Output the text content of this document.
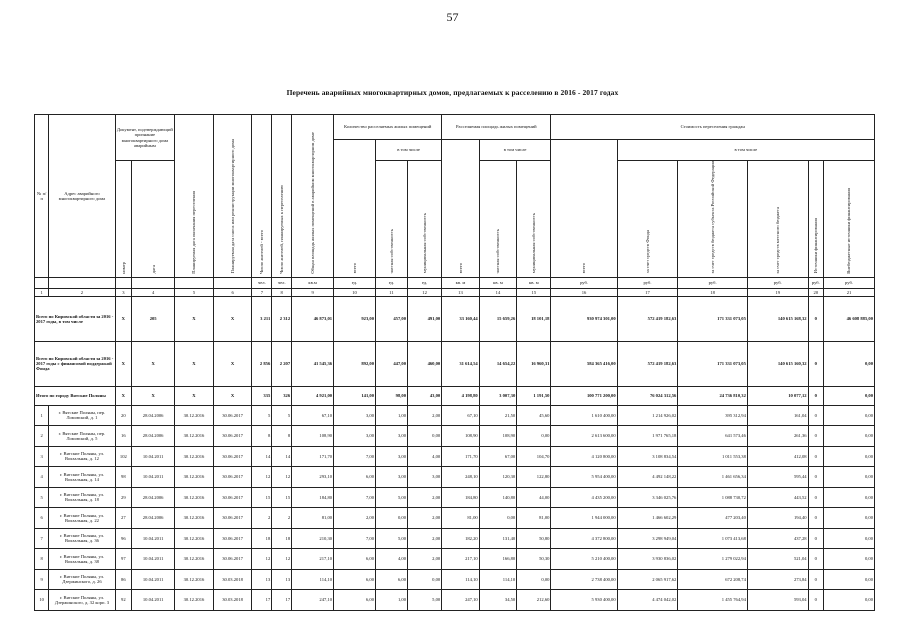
57
Перечень аварийных многоквартирных домов, предлагаемых к расселению в 2016 - 2017 годах
№ п/п	Адрес аварийного многоквартирного дома	Документ, подтверждающий признание многоквартирного дома аварийным		Планируемая дата окончания переселения	Планируемая дата сноса или реконструкции многоквартирного дома	Число жителей - всего	Число жителей, планируемых к переселению	Общая площадь жилых помещений в аварийном многоквартирном доме	Количество расселяемых жилых помещений			Расселяемая площадь жилых помещений			Стоимость переселения граждан					
									всего	в том числе		всего	в том числе		всего	в том числе				
		номер	дата							частная собственность	муниципальная собственность		частная собственность	муниципальная собственность		за счет средств Фонда	за счет средств бюджета субъекта Российской Федерации	за счет средств местного бюджета	Источники финансирования	Внебюджетные источники финансирования
						чел.	чел.	кв.м	ед.	ед.	ед.	кв. м	кв. м	кв. м	руб.	руб.	руб.	руб.	руб.	руб.
1	2	3	4	5	6	7	8	9	10	11	12	13	14	15	16	17	18	19	20	21
Всего по Кировской области за 2016 - 2017 годы, в том числе		Х	205	Х	Х	3 211	2 312	46 873,01	923,00	457,00	491,00	33 160,44	15 659,26	18 101,18	930 974 301,00	572 419 182,63	171 331 073,05	140 615 168,32	0	46 608 885,00
Всего по Кировской области за 2016 - 2017 годы с финансовой поддержкой Фонда		Х	Х	Х	Х	2 856	2 207	41 545,36	892,00	447,00	460,00	31 614,54	14 654,22	16 960,31	584 365 416,00	572 419 182,63	171 331 073,05	140 615 160,32	0	0,00
Итого по городу Вятские Поляны		Х	Х	Х	Х	335	326	4 921,00	141,00	98,00	43,00	4 198,80	3 007,30	1 191,50	100 771 200,00	76 024 312,56	24 736 810,32	10 077,12	0	0,00
1	г. Вятские Поляны, пер. Ломовский, д. 1	20	28.04.2006	30.12.2016	30.06.2017	5	5	67,10	3,00	1,00	2,00	67,10	21,50	45,60	1 610 400,00	1 214 926,02	395 312,94	161,04	0	0,00
2	г. Вятские Поляны, пер. Ломовский, д. 5	16	28.04.2006	30.12.2016	30.06.2017	8	8	108,90	3,00	3,00	0,00	108,90	108,90	0,00	2 613 600,00	1 971 765,18	641 573,46	261,36	0	0,00
3	г. Вятские Поляны, ул. Вокзальная, д. 12	102	10.04.2011	30.12.2016	30.06.2017	14	14	171,70	7,00	3,00	4,00	171,70	67,00	104,70	4 120 800,00	3 108 834,54	1 011 553,38	412,08	0	0,00
4	г. Вятские Поляны, ул. Вокзальная, д. 14	98	10.04.2011	30.12.2016	30.06.2017	12	12	293,10	6,00	3,00	3,00	248,10	120,30	122,80	5 954 400,00	4 492 148,22	1 461 656,34	595,44	0	0,00
5	г. Вятские Поляны, ул. Вокзальная, д. 18	29	28.04.2006	30.12.2016	30.06.2017	15	15	184,80	7,00	5,00	2,00	184,80	140,80	44,00	4 435 200,00	3 346 025,76	1 088 730,72	443,52	0	0,00
6	г. Вятские Поляны, ул. Вокзальная, д. 22	27	28.04.2006	30.12.2016	30.06.2017	2	2	81,00	2,00	0,00	2,00	81,00	0,00	81,00	1 944 000,00	1 466 602,29	477 203,40	194,40	0	0,00
7	г. Вятские Поляны, ул. Вокзальная, д. 36	96	10.04.2011	30.12.2016	30.06.2017	18	18	210,30	7,00	5,00	2,00	182,20	131,40	50,80	4 372 800,00	3 298 949,04	1 073 413,68	437,28	0	0,00
8	г. Вятские Поляны, ул. Вокзальная, д. 38	97	10.04.2011	30.12.2016	30.06.2017	12	12	217,10	6,00	4,00	2,00	217,10	166,80	50,30	5 210 400,00	3 930 836,02	1 279 022,94	521,04	0	0,00
9	г. Вятские Поляны, ул. Дзержинского, д. 26	86	10.04.2011	30.12.2016	30.03.2018	13	13	114,10	6,00	6,00	0,00	114,10	114,10	0,00	2 738 400,00	2 065 917,62	672 208,74	273,84	0	0,00
10	г. Вятские Поляны, ул. Дзержинского, д. 32 корп. 3	92	10.04.2011	30.12.2016	30.03.2018	17	17	247,10	6,00	1,00	5,00	247,10	34,50	212,60	5 930 400,00	4 474 042,02	1 455 764,94	593,04	0	0,00
